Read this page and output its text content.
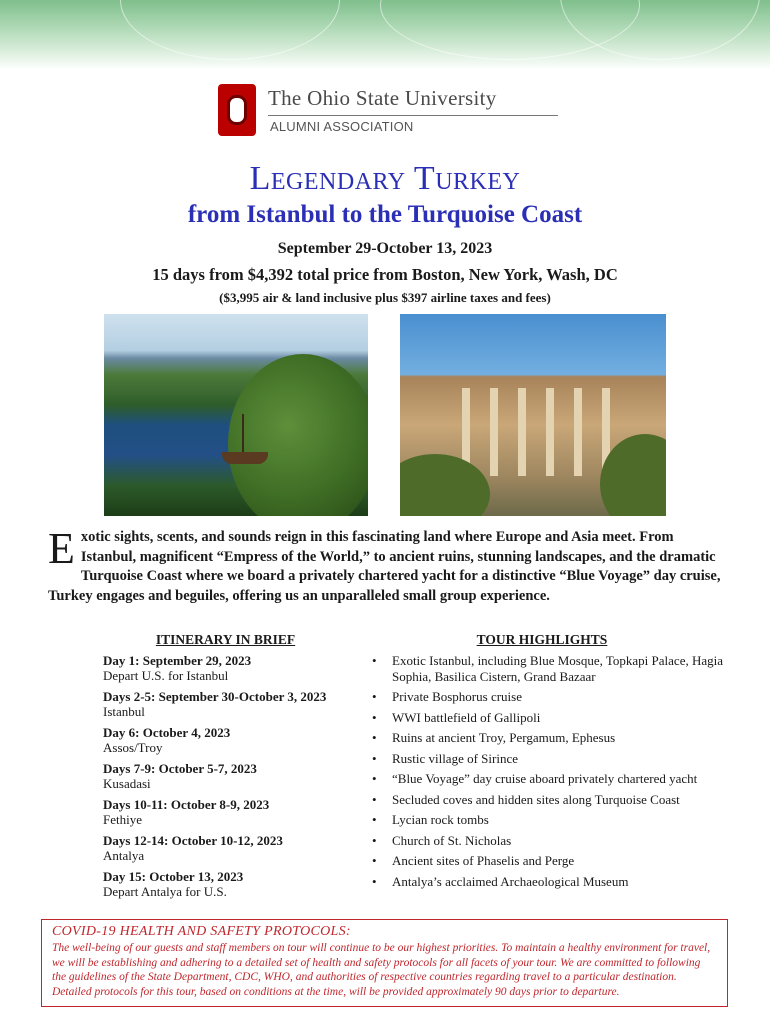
The Ohio State University
ALUMNI ASSOCIATION
Legendary Turkey
from Istanbul to the Turquoise Coast
September 29-October 13, 2023
15 days from $4,392 total price from Boston, New York, Wash, DC
($3,995 air & land inclusive plus $397 airline taxes and fees)
Exotic sights, scents, and sounds reign in this fascinating land where Europe and Asia meet. From Istanbul, magnificent “Empress of the World,” to ancient ruins, stunning landscapes, and the dramatic Turquoise Coast where we board a privately chartered yacht for a distinctive “Blue Voyage” day cruise, Turkey engages and beguiles, offering us an unparalleled small group experience.
ITINERARY IN BRIEF
Day 1: September 29, 2023
Depart U.S. for Istanbul
Days 2-5: September 30-October 3, 2023
Istanbul
Day 6: October 4, 2023
Assos/Troy
Days 7-9: October 5-7, 2023
Kusadasi
Days 10-11: October 8-9, 2023
Fethiye
Days 12-14: October 10-12, 2023
Antalya
Day 15: October 13, 2023
Depart Antalya for U.S.
TOUR HIGHLIGHTS
• Exotic Istanbul, including Blue Mosque, Topkapi Palace, Hagia Sophia, Basilica Cistern, Grand Bazaar
• Private Bosphorus cruise
• WWI battlefield of Gallipoli
• Ruins at ancient Troy, Pergamum, Ephesus
• Rustic village of Sirince
• “Blue Voyage” day cruise aboard privately chartered yacht
• Secluded coves and hidden sites along Turquoise Coast
• Lycian rock tombs
• Church of St. Nicholas
• Ancient sites of Phaselis and Perge
• Antalya’s acclaimed Archaeological Museum
COVID-19 HEALTH AND SAFETY PROTOCOLS:
The well-being of our guests and staff members on tour will continue to be our highest priorities. To maintain a healthy environment for travel, we will be establishing and adhering to a detailed set of health and safety protocols for all facets of your tour. We are committed to following the guidelines of the State Department, CDC, WHO, and authorities of respective countries regarding travel to a particular destination. Detailed protocols for this tour, based on conditions at the time, will be provided approximately 90 days prior to departure.
